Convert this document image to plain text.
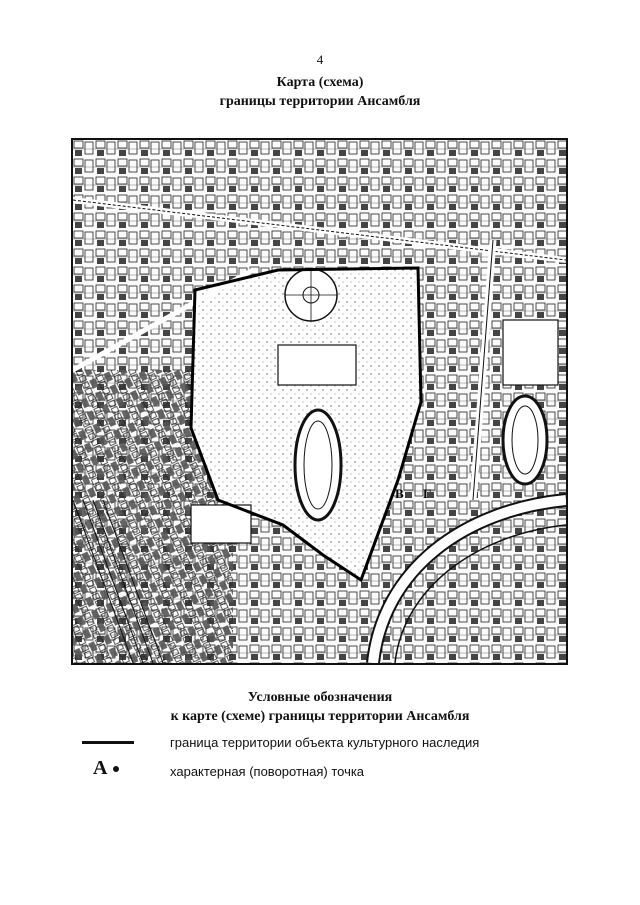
4
Карта (схема)
границы территории Ансамбля
В Г
Условные обозначения
к карте (схеме) границы территории Ансамбля
граница территории объекта культурного наследия
А	характерная (поворотная) точка
